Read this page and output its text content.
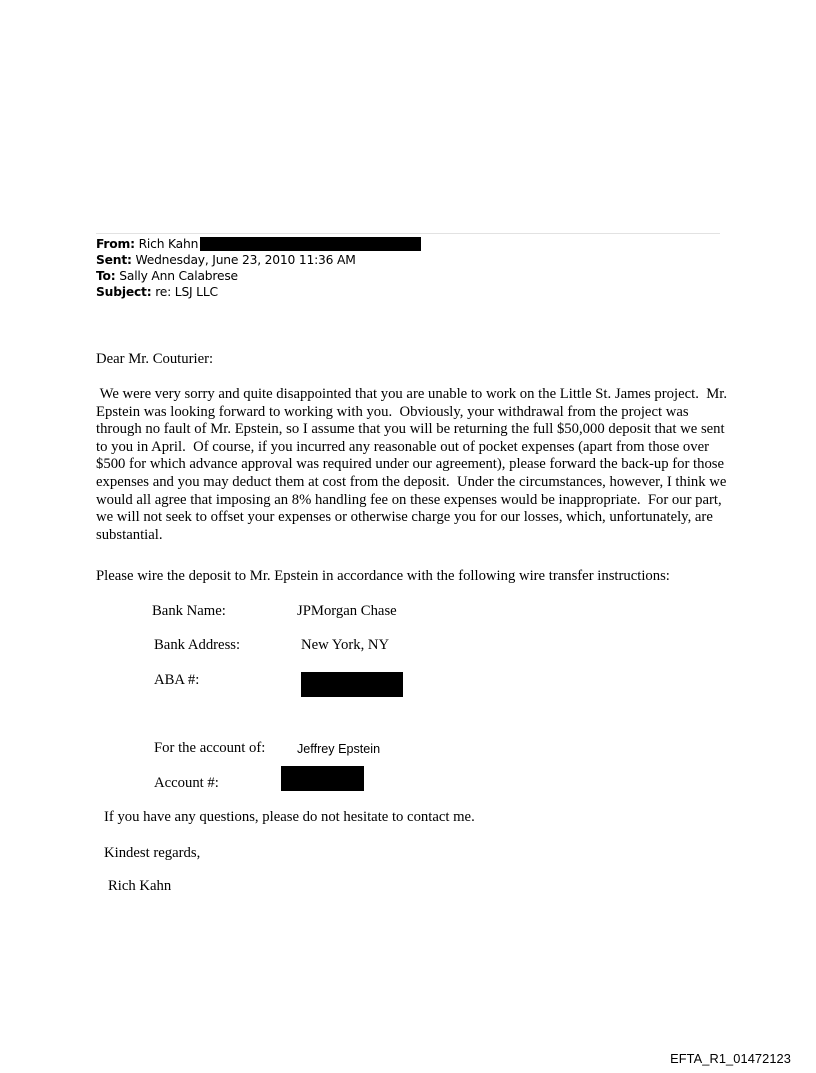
From: Rich Kahn
Sent: Wednesday, June 23, 2010 11:36 AM
To: Sally Ann Calabrese
Subject: re: LSJ LLC
Dear Mr. Couturier:

We were very sorry and quite disappointed that you are unable to work on the Little St. James project.  Mr. Epstein was looking forward to working with you.  Obviously, your withdrawal from the project was through no fault of Mr. Epstein, so I assume that you will be returning the full $50,000 deposit that we sent to you in April.  Of course, if you incurred any reasonable out of pocket expenses (apart from those over $500 for which advance approval was required under our agreement), please forward the back-up for those expenses and you may deduct them at cost from the deposit.  Under the circumstances, however, I think we would all agree that imposing an 8% handling fee on these expenses would be inappropriate.  For our part, we will not seek to offset your expenses or otherwise charge you for our losses, which, unfortunately, are substantial.

Please wire the deposit to Mr. Epstein in accordance with the following wire transfer instructions:
Bank Name:	JPMorgan Chase
Bank Address:	New York, NY
ABA #:
For the account of:	Jeffrey Epstein
Account #:
If you have any questions, please do not hesitate to contact me.
Kindest regards,
Rich Kahn
EFTA_R1_01472123
